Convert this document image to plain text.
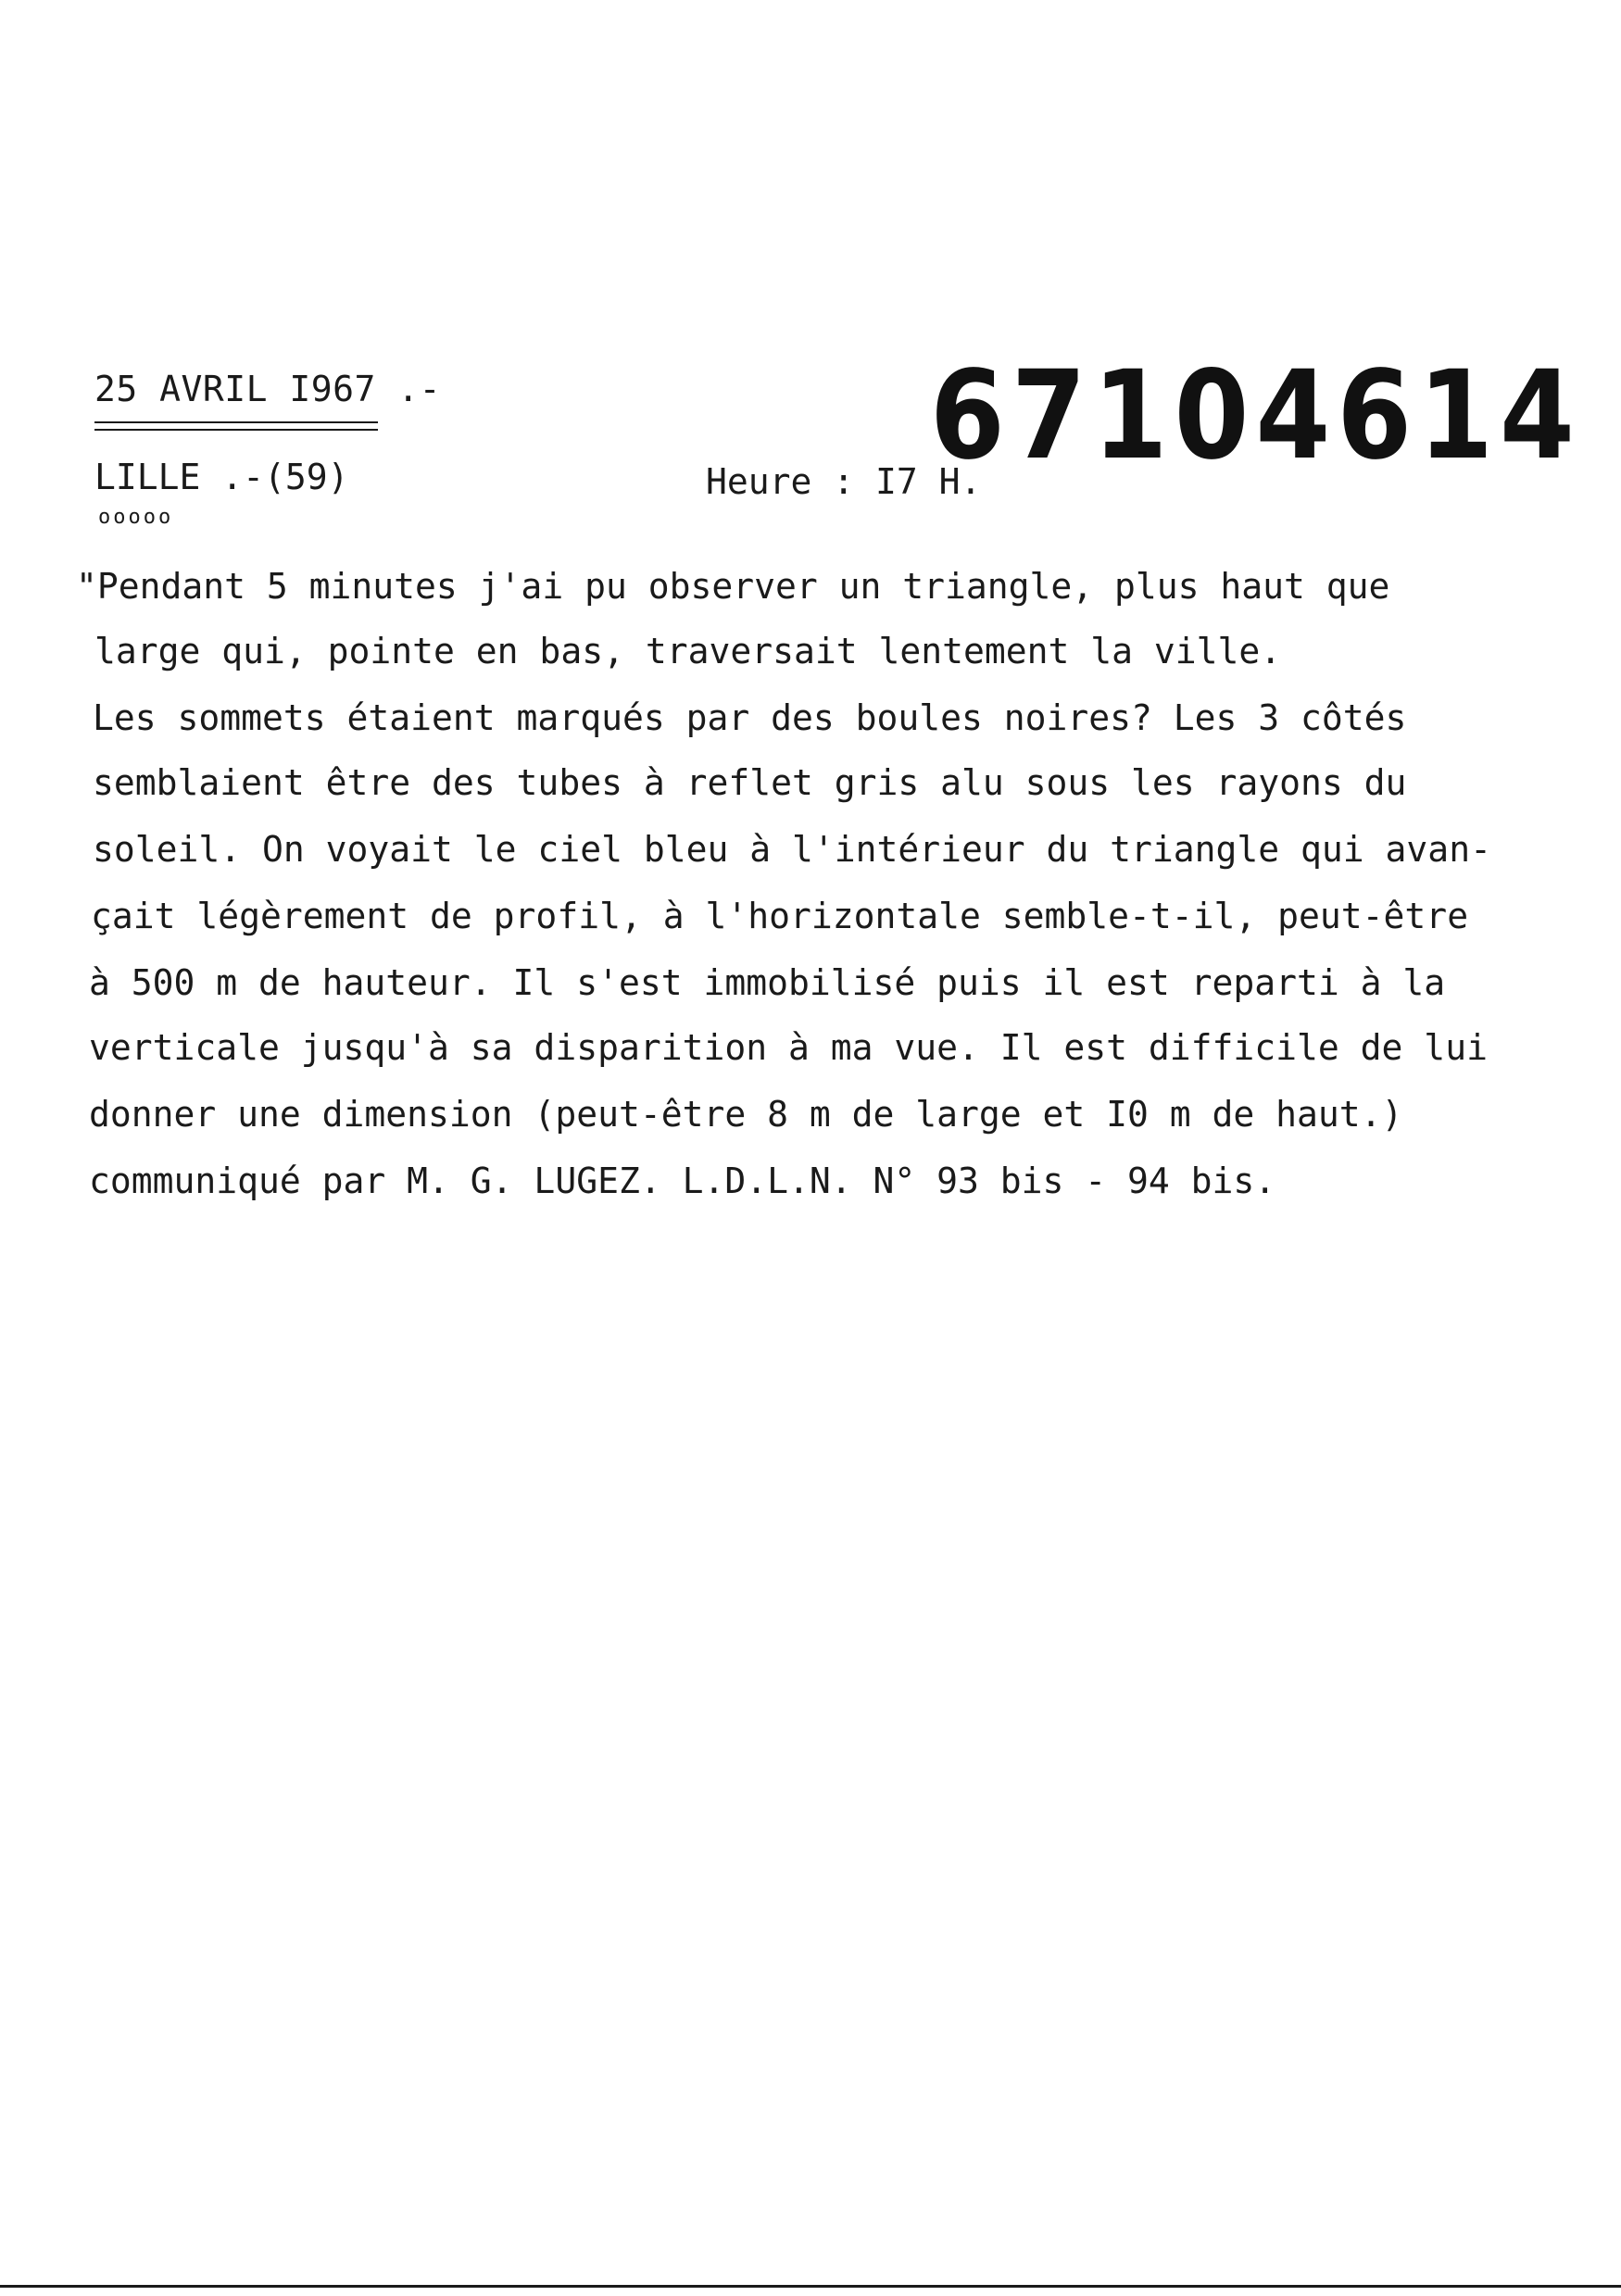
25 AVRIL I967 .-
LILLE .-(59)
ooooo
Heure : I7 H.
67104614
"Pendant 5 minutes j'ai pu observer un triangle, plus haut que
large qui, pointe en bas, traversait lentement la ville.
Les sommets étaient marqués par des boules noires? Les 3 côtés
semblaient être des tubes à reflet gris alu sous les rayons du
soleil. On voyait le ciel bleu à l'intérieur du triangle qui avan-
çait légèrement de profil, à l'horizontale semble-t-il, peut-être
à 500 m de hauteur. Il s'est immobilisé puis il est reparti à la
verticale jusqu'à sa disparition à ma vue. Il est difficile de lui
donner une dimension (peut-être 8 m de large et I0 m de haut.)
communiqué par M. G. LUGEZ. L.D.L.N. N° 93 bis - 94 bis.
